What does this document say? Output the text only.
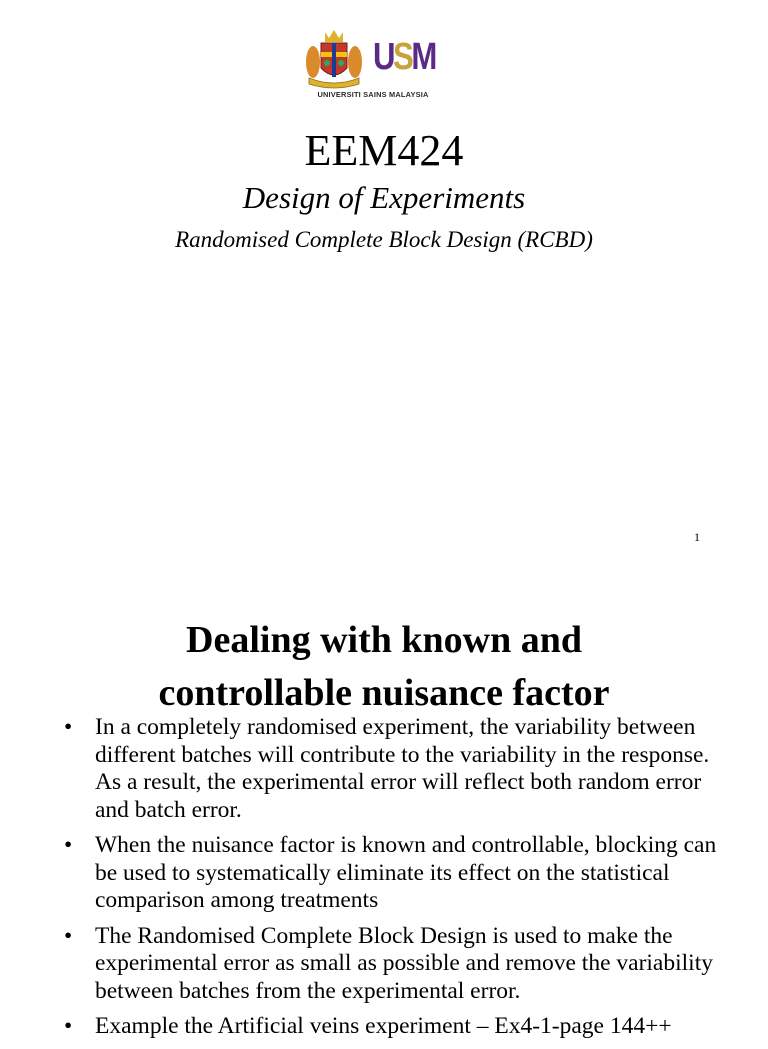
USM
UNIVERSITI SAINS MALAYSIA
EEM424
Design of Experiments
Randomised Complete Block Design (RCBD)
1
Dealing with known and
controllable nuisance factor
• In a completely randomised experiment, the variability between different batches will contribute to the variability in the response. As a result, the experimental error will reflect both random error and batch error.
• When the nuisance factor is known and controllable, blocking can be used to systematically eliminate its effect on the statistical comparison among treatments
• The Randomised Complete Block Design is used to make the experimental error as small as possible and remove the variability between batches from the experimental error.
• Example the Artificial veins experiment – Ex4-1-page 144++
